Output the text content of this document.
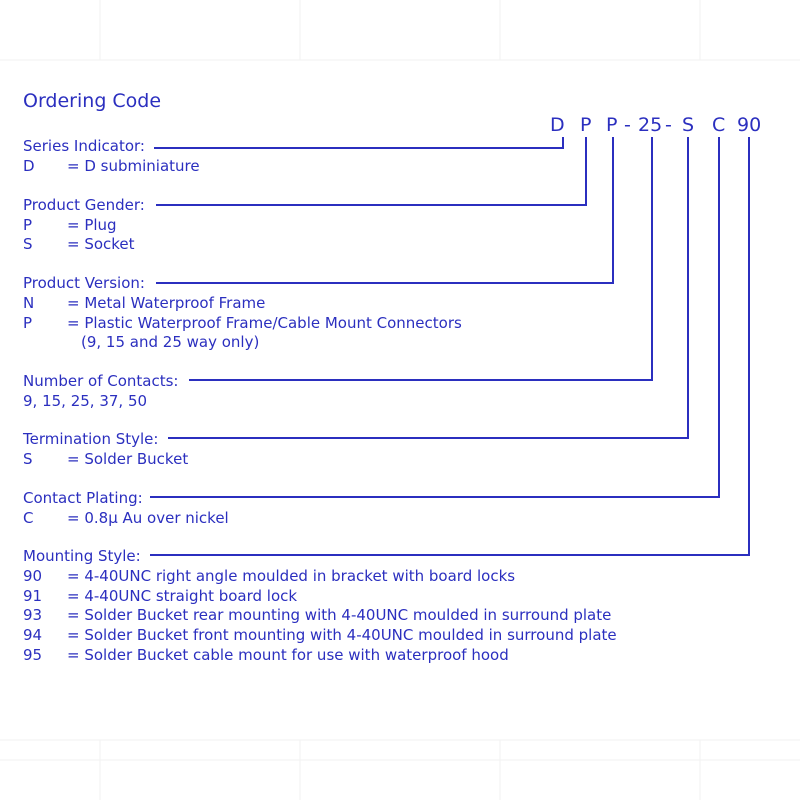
Ordering Code
D P P - 25 - S C 90
Series Indicator:
D = D subminiature
Product Gender:
P = Plug
S = Socket
Product Version:
N = Metal Waterproof Frame
P = Plastic Waterproof Frame/Cable Mount Connectors
(9, 15 and 25 way only)
Number of Contacts:
9, 15, 25, 37, 50
Termination Style:
S = Solder Bucket
Contact Plating:
C = 0.8μ Au over nickel
Mounting Style:
90 = 4-40UNC right angle moulded in bracket with board locks
91 = 4-40UNC straight board lock
93 = Solder Bucket rear mounting with 4-40UNC moulded in surround plate
94 = Solder Bucket front mounting with 4-40UNC moulded in surround plate
95 = Solder Bucket cable mount for use with waterproof hood
